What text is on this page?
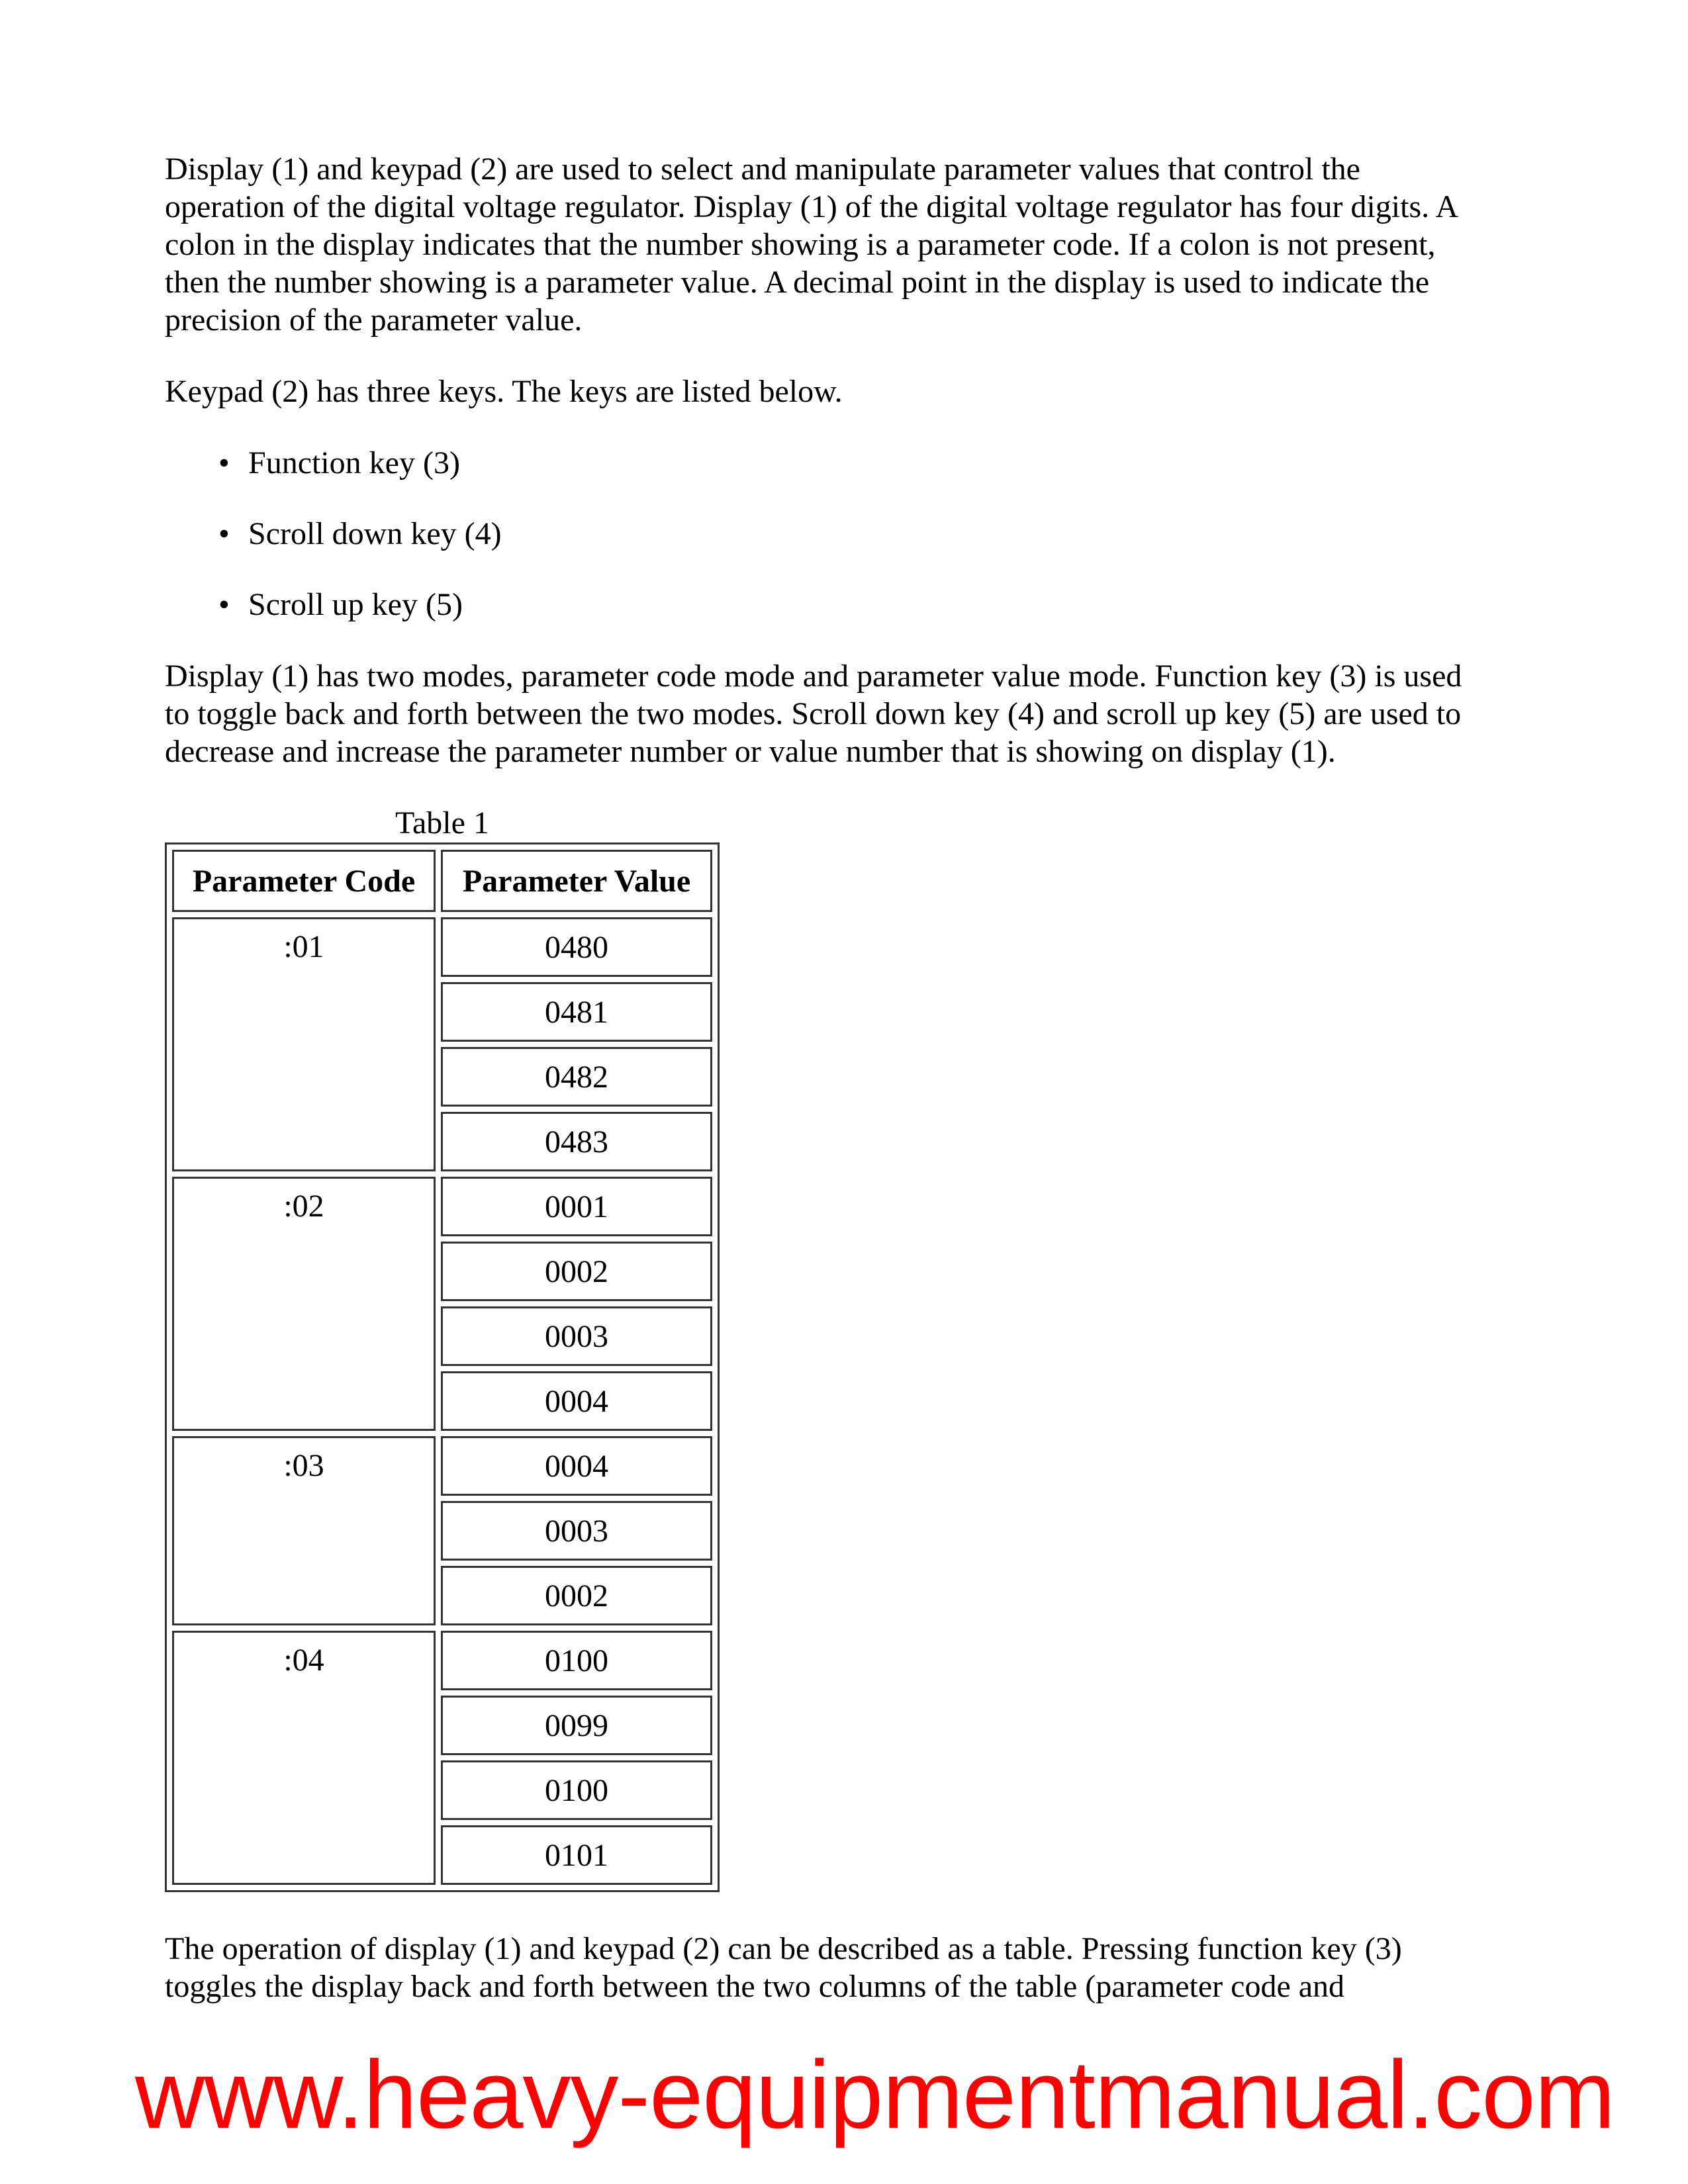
Display (1) and keypad (2) are used to select and manipulate parameter values that control the
operation of the digital voltage regulator. Display (1) of the digital voltage regulator has four digits. A
colon in the display indicates that the number showing is a parameter code. If a colon is not present,
then the number showing is a parameter value. A decimal point in the display is used to indicate the
precision of the parameter value.
Keypad (2) has three keys. The keys are listed below.
• Function key (3)
• Scroll down key (4)
• Scroll up key (5)
Display (1) has two modes, parameter code mode and parameter value mode. Function key (3) is used
to toggle back and forth between the two modes. Scroll down key (4) and scroll up key (5) are used to
decrease and increase the parameter number or value number that is showing on display (1).
Table 1
Parameter Code	Parameter Value
:01	0480
	0481
	0482
	0483
:02	0001
	0002
	0003
	0004
:03	0004
	0003
	0002
:04	0100
	0099
	0100
	0101
The operation of display (1) and keypad (2) can be described as a table. Pressing function key (3)
toggles the display back and forth between the two columns of the table (parameter code and
www.heavy-equipmentmanual.com
